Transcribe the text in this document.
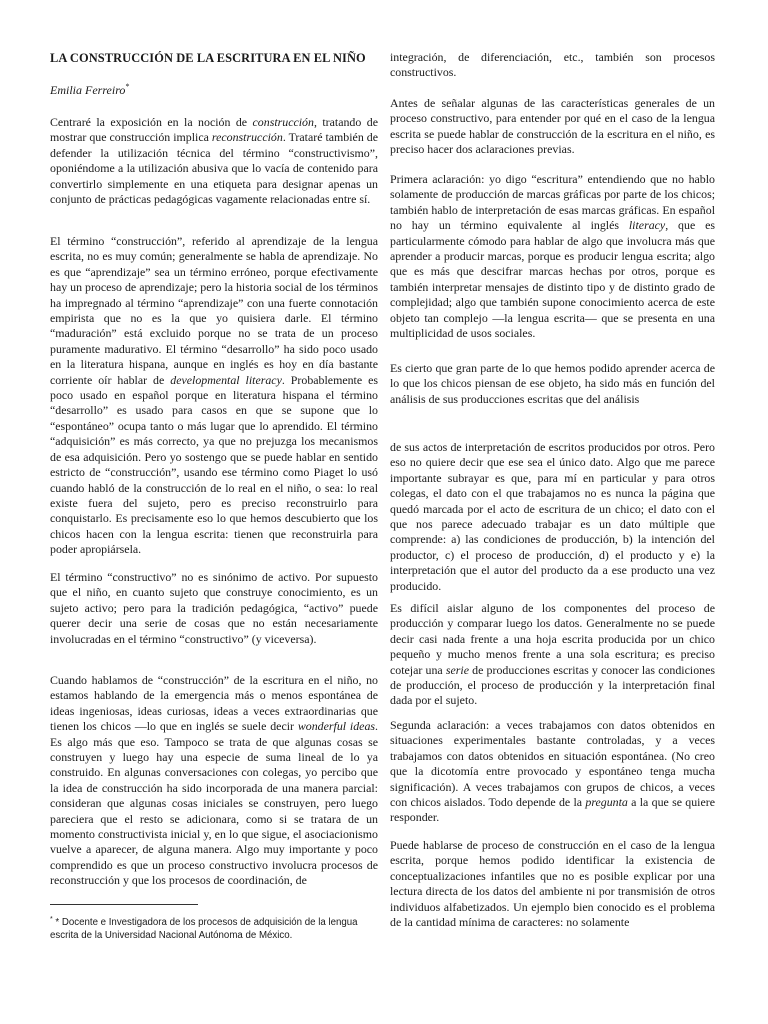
LA CONSTRUCCIÓN DE LA ESCRITURA EN EL NIÑO
Emilia Ferreiro*

Centraré la exposición en la noción de construcción, tratando de mostrar que construcción implica reconstrucción. Trataré también de defender la utilización técnica del término “constructivismo”, oponiéndome a la utilización abusiva que lo vacía de contenido para convertirlo simplemente en una etiqueta para designar apenas un conjunto de prácticas pedagógicas vagamente relacionadas entre sí.

El término “construcción”, referido al aprendizaje de la lengua escrita, no es muy común; generalmente se habla de aprendizaje. No es que “aprendizaje” sea un término erróneo, porque efectivamente hay un proceso de aprendizaje; pero la historia social de los términos ha impregnado al término “aprendizaje” con una fuerte connotación empirista que no es la que yo quisiera darle. El término “maduración” está excluido porque no se trata de un proceso puramente madurativo. El término “desarrollo” ha sido poco usado en la literatura hispana, aunque en inglés es hoy en día bastante corriente oír hablar de developmental literacy. Probablemente es poco usado en español porque en literatura hispana el término “desarrollo” es usado para casos en que se supone que lo “espontáneo” ocupa tanto o más lugar que lo aprendido. El término “adquisición” es más correcto, ya que no prejuzga los mecanismos de esa adquisición. Pero yo sostengo que se puede hablar en sentido estricto de “construcción”, usando ese término como Piaget lo usó cuando habló de la construcción de lo real en el niño, o sea: lo real existe fuera del sujeto, pero es preciso reconstruirlo para conquistarlo. Es precisamente eso lo que hemos descubierto que los chicos hacen con la lengua escrita: tienen que reconstruirla para poder apropiársela.

El término “constructivo” no es sinónimo de activo. Por supuesto que el niño, en cuanto sujeto que construye conocimiento, es un sujeto activo; pero para la tradición pedagógica, “activo” puede querer decir una serie de cosas que no están necesariamente involucradas en el término “constructivo” (y viceversa).

Cuando hablamos de “construcción” de la escritura en el niño, no estamos hablando de la emergencia más o menos espontánea de ideas ingeniosas, ideas curiosas, ideas a veces extraordinarias que tienen los chicos —lo que en inglés se suele decir wonderful ideas. Es algo más que eso. Tampoco se trata de que algunas cosas se construyen y luego hay una especie de suma lineal de lo ya construido. En algunas conversaciones con colegas, yo percibo que la idea de construcción ha sido incorporada de una manera parcial: consideran que algunas cosas iniciales se construyen, pero luego pareciera que el resto se adicionara, como si se tratara de un momento constructivista inicial y, en lo que sigue, el asociacionismo vuelve a aparecer, de alguna manera. Algo muy importante y poco comprendido es que un proceso constructivo involucra procesos de reconstrucción y que los procesos de coordinación, de

integración, de diferenciación, etc., también son procesos constructivos.

Antes de señalar algunas de las características generales de un proceso constructivo, para entender por qué en el caso de la lengua escrita se puede hablar de construcción de la escritura en el niño, es preciso hacer dos aclaraciones previas.

Primera aclaración: yo digo “escritura” entendiendo que no hablo solamente de producción de marcas gráficas por parte de los chicos; también hablo de interpretación de esas marcas gráficas. En español no hay un término equivalente al inglés literacy, que es particularmente cómodo para hablar de algo que involucra más que aprender a producir marcas, porque es producir lengua escrita; algo que es más que descifrar marcas hechas por otros, porque es también interpretar mensajes de distinto tipo y de distinto grado de complejidad; algo que también supone conocimiento acerca de este objeto tan complejo —la lengua escrita— que se presenta en una multiplicidad de usos sociales.

Es cierto que gran parte de lo que hemos podido aprender acerca de lo que los chicos piensan de ese objeto, ha sido más en función del análisis de sus producciones escritas que del análisis

de sus actos de interpretación de escritos producidos por otros. Pero eso no quiere decir que ese sea el único dato. Algo que me parece importante subrayar es que, para mí en particular y para otros colegas, el dato con el que trabajamos no es nunca la página que quedó marcada por el acto de escritura de un chico; el dato con el que nos parece adecuado trabajar es un dato múltiple que comprende: a) las condiciones de producción, b) la intención del productor, c) el proceso de producción, d) el producto y e) la interpretación que el autor del producto da a ese producto una vez producido.

Es difícil aislar alguno de los componentes del proceso de producción y comparar luego los datos. Generalmente no se puede decir casi nada frente a una hoja escrita producida por un chico pequeño y mucho menos frente a una sola escritura; es preciso cotejar una serie de producciones escritas y conocer las condiciones de producción, el proceso de producción y la interpretación final dada por el sujeto.

Segunda aclaración: a veces trabajamos con datos obtenidos en situaciones experimentales bastante controladas, y a veces trabajamos con datos obtenidos en situación espontánea. (No creo que la dicotomía entre provocado y espontáneo tenga mucha significación). A veces trabajamos con grupos de chicos, a veces con chicos aislados. Todo depende de la pregunta a la que se quiere responder.

Puede hablarse de proceso de construcción en el caso de la lengua escrita, porque hemos podido identificar la existencia de conceptualizaciones infantiles que no es posible explicar por una lectura directa de los datos del ambiente ni por transmisión de otros individuos alfabetizados. Un ejemplo bien conocido es el problema de la cantidad mínima de caracteres: no solamente

* * Docente e Investigadora de los procesos de adquisición de la lengua escrita de la Universidad Nacional Autónoma de México.
